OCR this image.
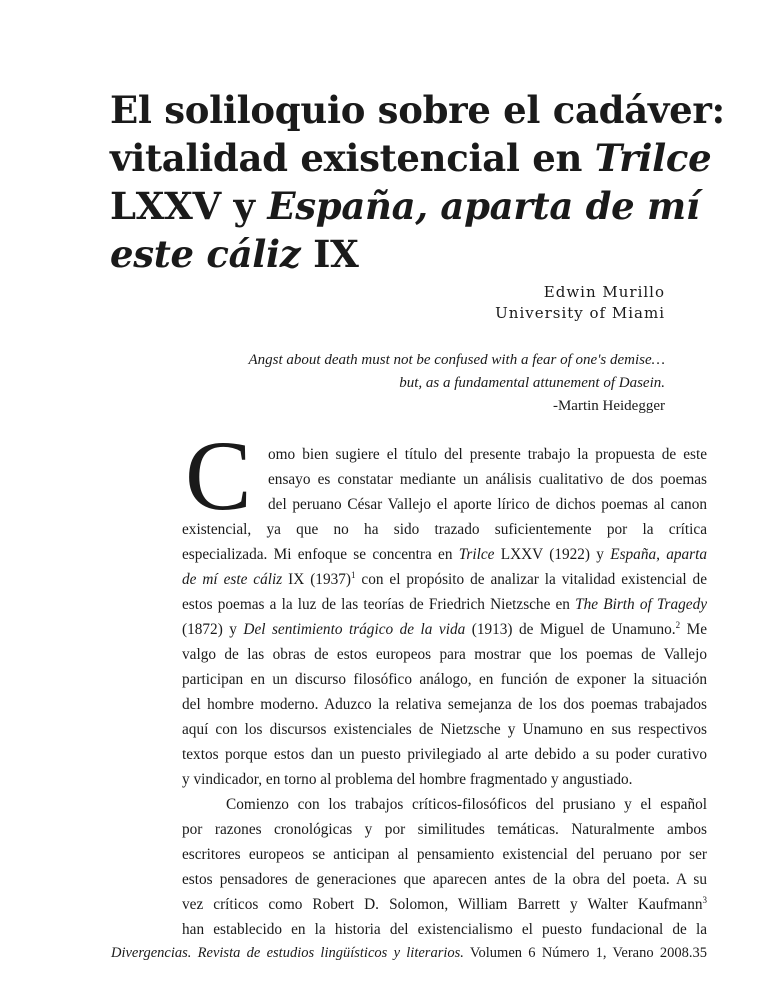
El soliloquio sobre el cadáver:
vitalidad existencial en Trilce
LXXV y España, aparta de mí
este cáliz IX
Edwin Murillo
University of Miami
Angst about death must not be confused with a fear of one's demise…
but, as a fundamental attunement of Dasein.
-Martin Heidegger
C omo bien sugiere el título del presente trabajo la propuesta de este
ensayo es constatar mediante un análisis cualitativo de dos poemas
del peruano César Vallejo el aporte lírico de dichos poemas al canon
existencial, ya que no ha sido trazado suficientemente por la crítica
especializada. Mi enfoque se concentra en Trilce LXXV (1922) y España, aparta
de mí este cáliz IX $(1937)^1$ con el propósito de analizar la vitalidad existencial de
estos poemas a la luz de las teorías de Friedrich Nietzsche en The Birth of Tragedy
(1872) y Del sentimiento trágico de la vida (1913) de Miguel de Unamuno.$^2$ Me
valgo de las obras de estos europeos para mostrar que los poemas de Vallejo
participan en un discurso filosófico análogo, en función de exponer la situación
del hombre moderno. Aduzco la relativa semejanza de los dos poemas trabajados
aquí con los discursos existenciales de Nietzsche y Unamuno en sus respectivos
textos porque estos dan un puesto privilegiado al arte debido a su poder curativo
y vindicador, en torno al problema del hombre fragmentado y angustiado.
Comienzo con los trabajos críticos-filosóficos del prusiano y el español
por razones cronológicas y por similitudes temáticas. Naturalmente ambos
escritores europeos se anticipan al pensamiento existencial del peruano por ser
estos pensadores de generaciones que aparecen antes de la obra del poeta. A su
vez críticos como Robert D. Solomon, William Barrett y Walter Kaufmann$^3$
han establecido en la historia del existencialismo el puesto fundacional de la
Divergencias. Revista de estudios lingüísticos y literarios. Volumen 6 Número 1, Verano 2008.35
